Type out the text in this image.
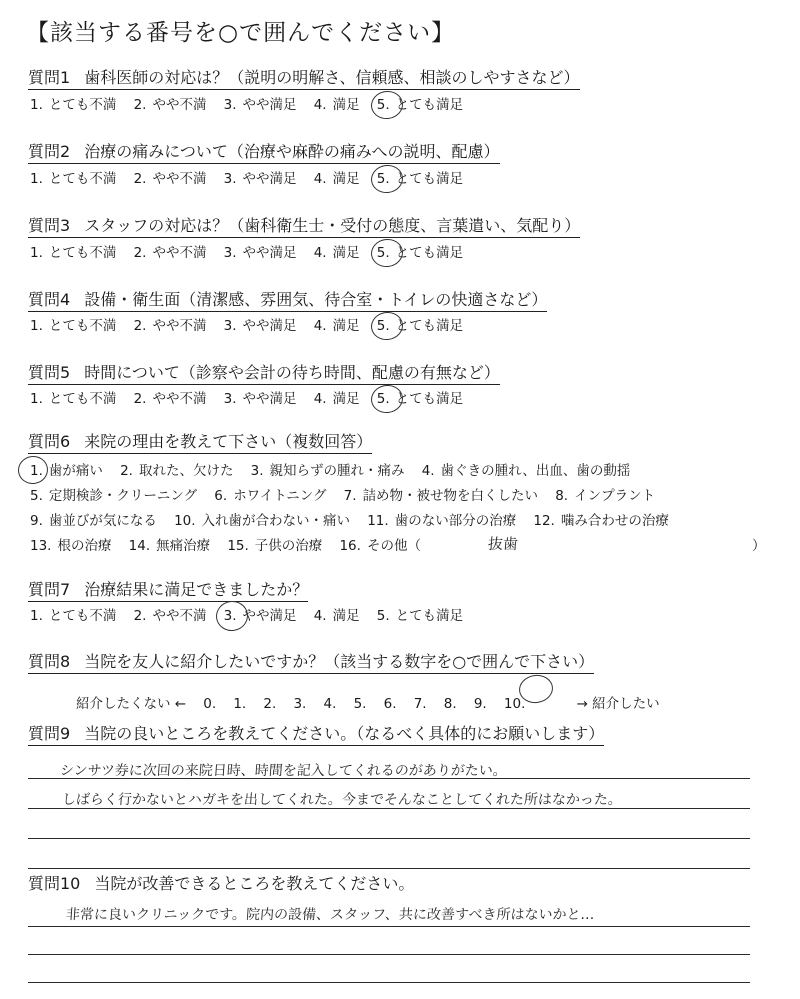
【該当する番号を○で囲んでください】
質問1 歯科医師の対応は？（説明の明解さ、信頼感、相談のしやすさなど）
1. とても不満 2. やや不満 3. やや満足 4. 満足 5. とても満足
質問2 治療の痛みについて（治療や麻酔の痛みへの説明、配慮）
1. とても不満 2. やや不満 3. やや満足 4. 満足 5. とても満足
質問3 スタッフの対応は？（歯科衛生士・受付の態度、言葉遣い、気配り）
1. とても不満 2. やや不満 3. やや満足 4. 満足 5. とても満足
質問4 設備・衛生面（清潔感、雰囲気、待合室・トイレの快適さなど）
1. とても不満 2. やや不満 3. やや満足 4. 満足 5. とても満足
質問5 時間について（診察や会計の待ち時間、配慮の有無など）
1. とても不満 2. やや不満 3. やや満足 4. 満足 5. とても満足
質問6 来院の理由を教えて下さい（複数回答）
1. 歯が痛い 2. 取れた、欠けた 3. 親知らずの腫れ・痛み 4. 歯ぐきの腫れ、出血、歯の動揺
5. 定期検診・クリーニング 6. ホワイトニング 7. 詰め物・被せ物を白くしたい 8. インプラント
9. 歯並びが気になる 10. 入れ歯が合わない・痛い 11. 歯のない部分の治療 12. 噛み合わせの治療
13. 根の治療 14. 無痛治療 15. 子供の治療 16. その他（	抜歯	）
質問7 治療結果に満足できましたか？
1. とても不満 2. やや不満 3. やや満足 4. 満足 5. とても満足
質問8 当院を友人に紹介したいですか？（該当する数字を○で囲んで下さい）
紹介したくない ← 0. 1. 2. 3. 4. 5. 6. 7. 8. 9. 10.	→ 紹介したい
質問9 当院の良いところを教えてください。（なるべく具体的にお願いします）
シンサツ券に次回の来院日時、時間を記入してくれるのがありがたい。
しばらく行かないとハガキを出してくれた。今までそんなことしてくれた所はなかった。
質問10 当院が改善できるところを教えてください。
非常に良いクリニックです。院内の設備、スタッフ、共に改善すべき所はないかと…
